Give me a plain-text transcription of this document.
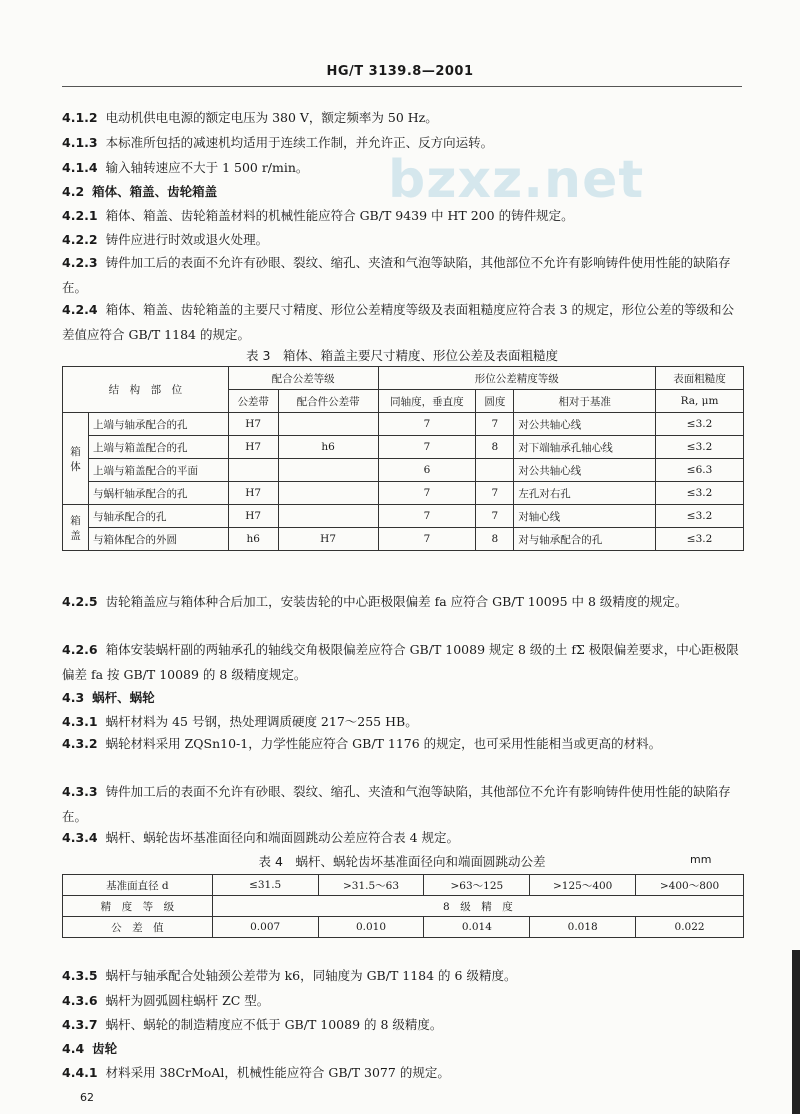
HG/T 3139.8—2001
bzxz.net

4.1.2 电动机供电电源的额定电压为 380 V，额定频率为 50 Hz。

4.1.3 本标准所包括的减速机均适用于连续工作制，并允许正、反方向运转。

4.1.4 输入轴转速应不大于 1 500 r/min。

4.2 箱体、箱盖、齿轮箱盖

4.2.1 箱体、箱盖、齿轮箱盖材料的机械性能应符合 GB/T 9439 中 HT 200 的铸件规定。

4.2.2 铸件应进行时效或退火处理。

4.2.3 铸件加工后的表面不允许有砂眼、裂纹、缩孔、夹渣和气泡等缺陷，其他部位不允许有影响铸件使用性能的缺陷存在。

4.2.4 箱体、箱盖、齿轮箱盖的主要尺寸精度、形位公差精度等级及表面粗糙度应符合表 3 的规定，形位公差的等级和公差值应符合 GB/T 1184 的规定。

表 3　箱体、箱盖主要尺寸精度、形位公差及表面粗糙度
结　构　部　位		配合公差等级		形位公差精度等级			表面粗糙度
		公差带	配合件公差带	同轴度，垂直度	圆度	相对于基准	Ra, μm
箱体	上端与轴承配合的孔	H7		7	7	对公共轴心线	≤3.2
	上端与箱盖配合的孔	H7	h6	7	8	对下端轴承孔轴心线	≤3.2
	上端与箱盖配合的平面			6		对公共轴心线	≤6.3
	与蜗杆轴承配合的孔	H7		7	7	左孔对右孔	≤3.2
箱盖	与轴承配合的孔	H7		7	7	对轴心线	≤3.2
	与箱体配合的外圆	h6	H7	7	8	对与轴承配合的孔	≤3.2

4.2.5 齿轮箱盖应与箱体种合后加工，安装齿轮的中心距极限偏差 fa 应符合 GB/T 10095 中 8 级精度的规定。

4.2.6 箱体安装蜗杆副的两轴承孔的轴线交角极限偏差应符合 GB/T 10089 规定 8 级的土 fΣ 极限偏差要求，中心距极限偏差 fa 按 GB/T 10089 的 8 级精度规定。

4.3 蜗杆、蜗轮

4.3.1 蜗杆材料为 45 号钢，热处理调质硬度 217～255 HB。

4.3.2 蜗轮材料采用 ZQSn10-1，力学性能应符合 GB/T 1176 的规定，也可采用性能相当或更高的材料。

4.3.3 铸件加工后的表面不允许有砂眼、裂纹、缩孔、夹渣和气泡等缺陷，其他部位不允许有影响铸件使用性能的缺陷存在。

4.3.4 蜗杆、蜗轮齿坏基准面径向和端面圆跳动公差应符合表 4 规定。

表 4　蜗杆、蜗轮齿坏基准面径向和端面圆跳动公差	mm
基准面直径 d	≤31.5	>31.5～63	>63～125	>125～400	>400～800
精　度　等　级	8　级　精　度				
公　差　值	0.007	0.010	0.014	0.018	0.022

4.3.5 蜗杆与轴承配合处轴颈公差带为 k6，同轴度为 GB/T 1184 的 6 级精度。

4.3.6 蜗杆为圆弧圆柱蜗杆 ZC 型。

4.3.7 蜗杆、蜗轮的制造精度应不低于 GB/T 10089 的 8 级精度。

4.4 齿轮

4.4.1 材料采用 38CrMoAl，机械性能应符合 GB/T 3077 的规定。

62
